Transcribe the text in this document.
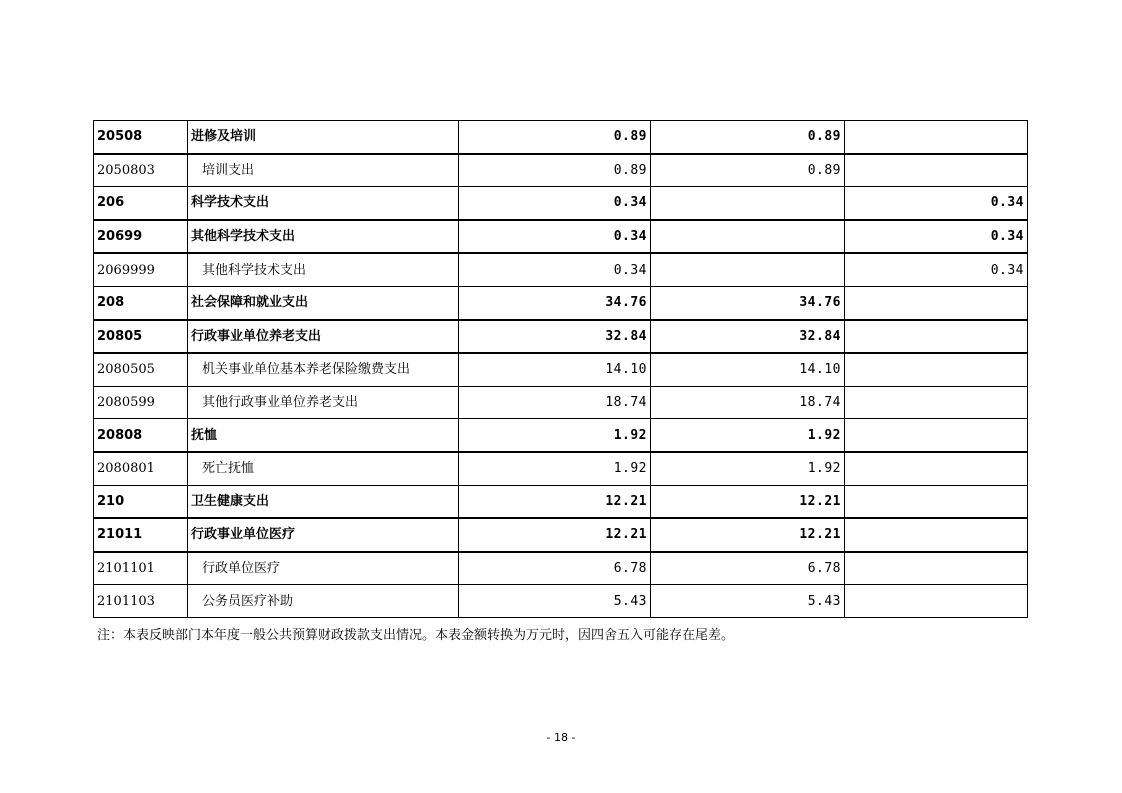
20508	进修及培训	0.89	0.89	
2050803	培训支出	0.89	0.89	
206	科学技术支出	0.34		0.34
20699	其他科学技术支出	0.34		0.34
2069999	其他科学技术支出	0.34		0.34
208	社会保障和就业支出	34.76	34.76	
20805	行政事业单位养老支出	32.84	32.84	
2080505	机关事业单位基本养老保险缴费支出	14.10	14.10	
2080599	其他行政事业单位养老支出	18.74	18.74	
20808	抚恤	1.92	1.92	
2080801	死亡抚恤	1.92	1.92	
210	卫生健康支出	12.21	12.21	
21011	行政事业单位医疗	12.21	12.21	
2101101	行政单位医疗	6.78	6.78	
2101103	公务员医疗补助	5.43	5.43	
注：本表反映部门本年度一般公共预算财政拨款支出情况。本表金额转换为万元时，因四舍五入可能存在尾差。
- 18 -
